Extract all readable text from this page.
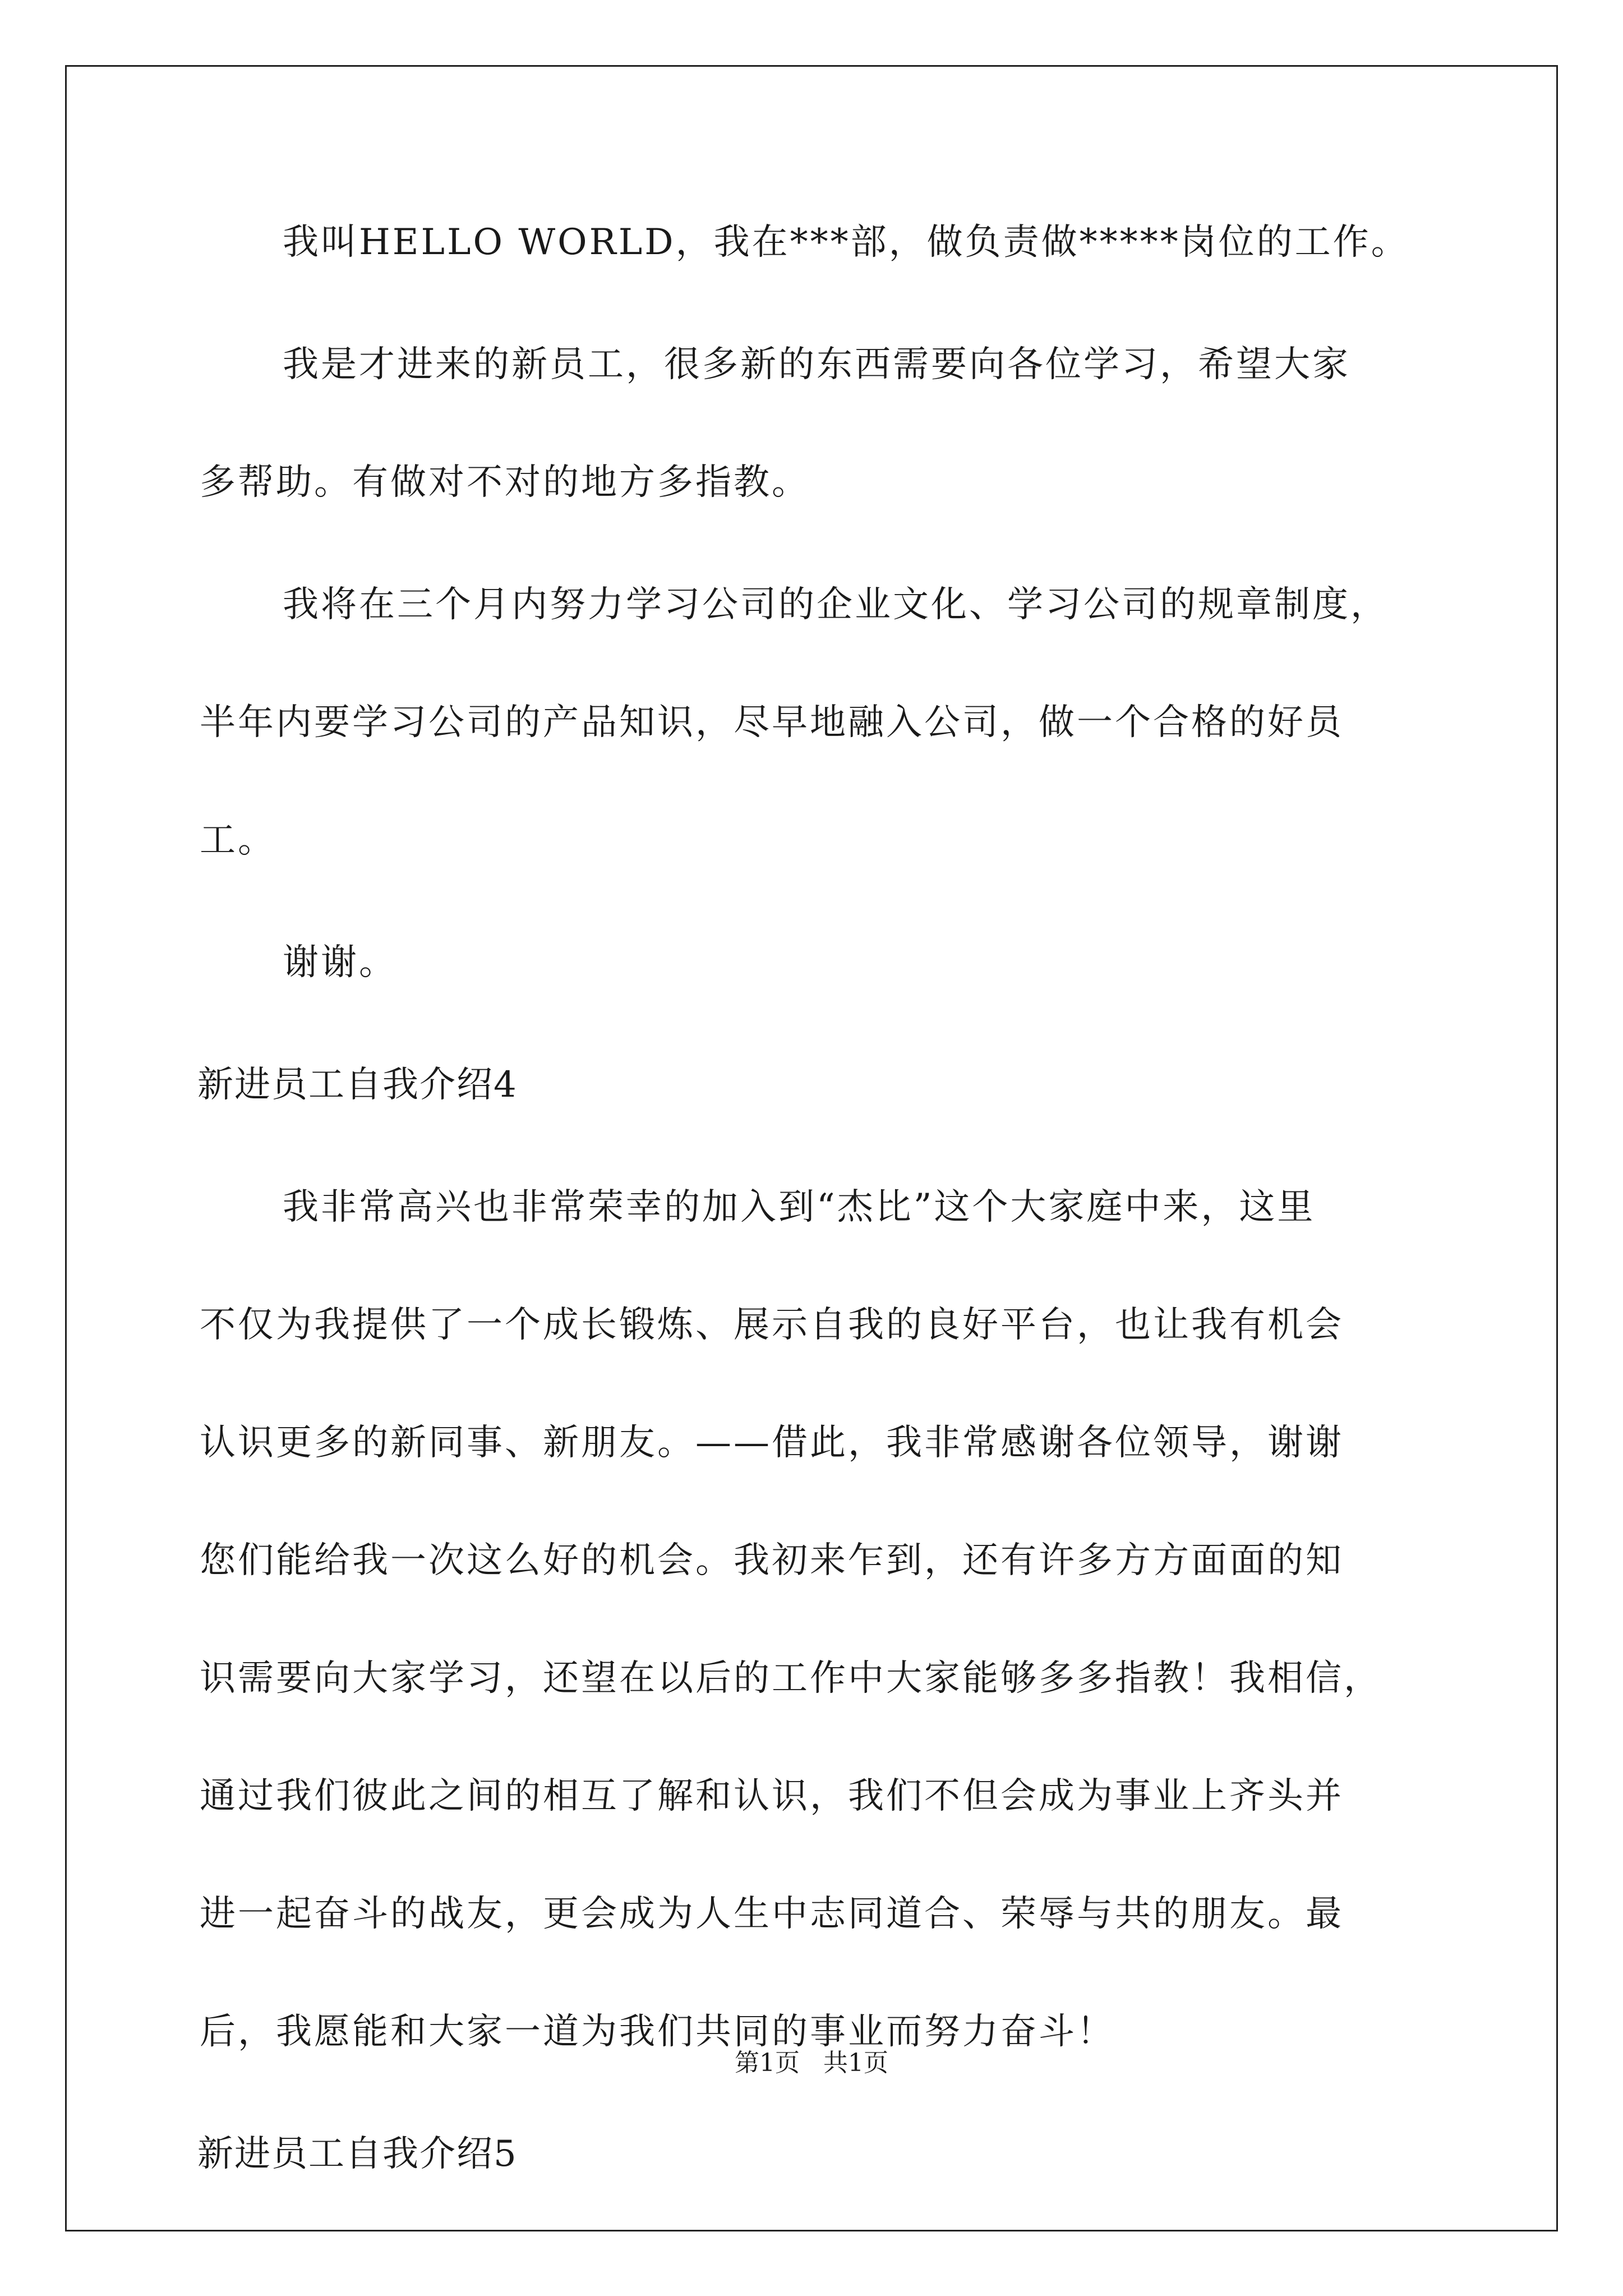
我叫HELLO WORLD，我在***部，做负责做*****岗位的工作。
我是才进来的新员工，很多新的东西需要向各位学习，希望大家
多帮助。有做对不对的地方多指教。
我将在三个月内努力学习公司的企业文化、学习公司的规章制度，
半年内要学习公司的产品知识，尽早地融入公司，做一个合格的好员
工。
谢谢。
新进员工自我介绍4
我非常高兴也非常荣幸的加入到“杰比”这个大家庭中来，这里
不仅为我提供了一个成长锻炼、展示自我的良好平台，也让我有机会
认识更多的新同事、新朋友。——借此，我非常感谢各位领导，谢谢
您们能给我一次这么好的机会。我初来乍到，还有许多方方面面的知
识需要向大家学习，还望在以后的工作中大家能够多多指教！我相信，
通过我们彼此之间的相互了解和认识，我们不但会成为事业上齐头并
进一起奋斗的战友，更会成为人生中志同道合、荣辱与共的朋友。最
后，我愿能和大家一道为我们共同的事业而努力奋斗！
新进员工自我介绍5
第1页   共1页
